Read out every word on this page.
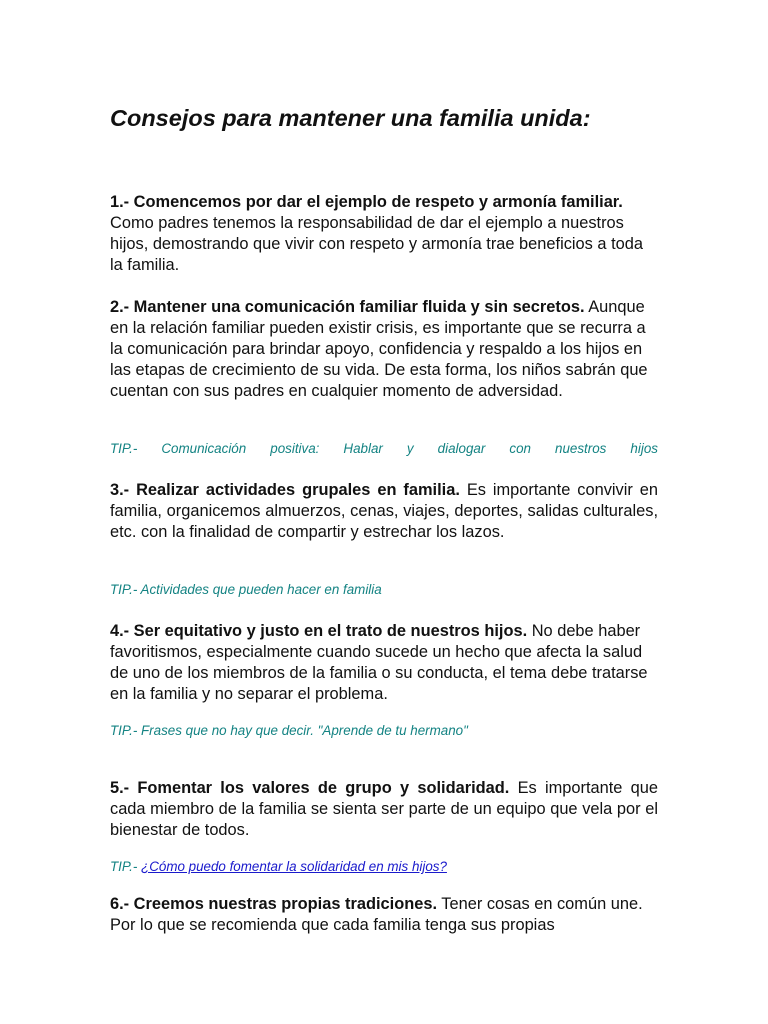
Consejos para mantener una familia unida:

1.- Comencemos por dar el ejemplo de respeto y armonía familiar. Como padres tenemos la responsabilidad de dar el ejemplo a nuestros hijos, demostrando que vivir con respeto y armonía trae beneficios a toda la familia.

2.- Mantener una comunicación familiar fluida y sin secretos. Aunque en la relación familiar pueden existir crisis, es importante que se recurra a la comunicación para brindar apoyo, confidencia y respaldo a los hijos en las etapas de crecimiento de su vida. De esta forma, los niños sabrán que cuentan con sus padres en cualquier momento de adversidad.

TIP.- Comunicación positiva: Hablar y dialogar con nuestros hijos

3.- Realizar actividades grupales en familia. Es importante convivir en familia, organicemos almuerzos, cenas, viajes, deportes, salidas culturales, etc. con la finalidad de compartir y estrechar los lazos.

TIP.- Actividades que pueden hacer en familia

4.- Ser equitativo y justo en el trato de nuestros hijos. No debe haber favoritismos, especialmente cuando sucede un hecho que afecta la salud de uno de los miembros de la familia o su conducta, el tema debe tratarse en la familia y no separar el problema.

TIP.- Frases que no hay que decir. "Aprende de tu hermano"

5.- Fomentar los valores de grupo y solidaridad. Es importante que cada miembro de la familia se sienta ser parte de un equipo que vela por el bienestar de todos.

TIP.- ¿Cómo puedo fomentar la solidaridad en mis hijos?

6.- Creemos nuestras propias tradiciones. Tener cosas en común une. Por lo que se recomienda que cada familia tenga sus propias
